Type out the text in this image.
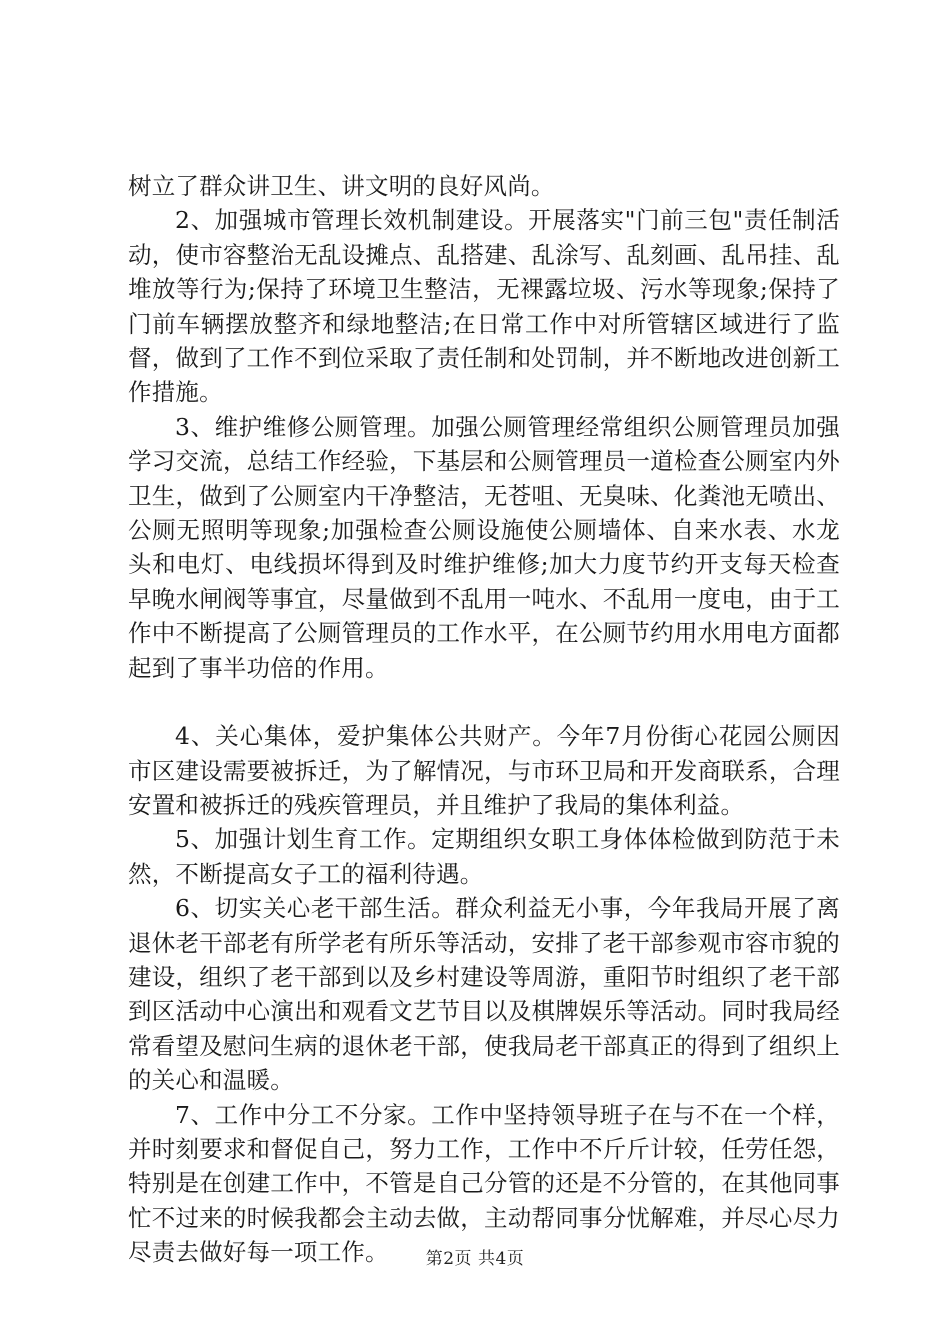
树立了群众讲卫生、讲文明的良好风尚。

2、加强城市管理长效机制建设。开展落实"门前三包"责任制活动，使市容整治无乱设摊点、乱搭建、乱涂写、乱刻画、乱吊挂、乱堆放等行为;保持了环境卫生整洁，无裸露垃圾、污水等现象;保持了门前车辆摆放整齐和绿地整洁;在日常工作中对所管辖区域进行了监督，做到了工作不到位采取了责任制和处罚制，并不断地改进创新工作措施。

3、维护维修公厕管理。加强公厕管理经常组织公厕管理员加强学习交流，总结工作经验，下基层和公厕管理员一道检查公厕室内外卫生，做到了公厕室内干净整洁，无苍咀、无臭味、化粪池无喷出、公厕无照明等现象;加强检查公厕设施使公厕墙体、自来水表、水龙头和电灯、电线损坏得到及时维护维修;加大力度节约开支每天检查早晚水闸阀等事宜，尽量做到不乱用一吨水、不乱用一度电，由于工作中不断提高了公厕管理员的工作水平，在公厕节约用水用电方面都起到了事半功倍的作用。

4、关心集体，爱护集体公共财产。今年7月份街心花园公厕因市区建设需要被拆迁，为了解情况，与市环卫局和开发商联系，合理安置和被拆迁的残疾管理员，并且维护了我局的集体利益。

5、加强计划生育工作。定期组织女职工身体体检做到防范于未然，不断提高女子工的福利待遇。

6、切实关心老干部生活。群众利益无小事，今年我局开展了离退休老干部老有所学老有所乐等活动，安排了老干部参观市容市貌的建设，组织了老干部到以及乡村建设等周游，重阳节时组织了老干部到区活动中心演出和观看文艺节目以及棋牌娱乐等活动。同时我局经常看望及慰问生病的退休老干部，使我局老干部真正的得到了组织上的关心和温暖。

7、工作中分工不分家。工作中坚持领导班子在与不在一个样，并时刻要求和督促自己，努力工作，工作中不斤斤计较，任劳任怨，特别是在创建工作中，不管是自己分管的还是不分管的，在其他同事忙不过来的时候我都会主动去做，主动帮同事分忧解难，并尽心尽力尽责去做好每一项工作。	第2页 共4页
